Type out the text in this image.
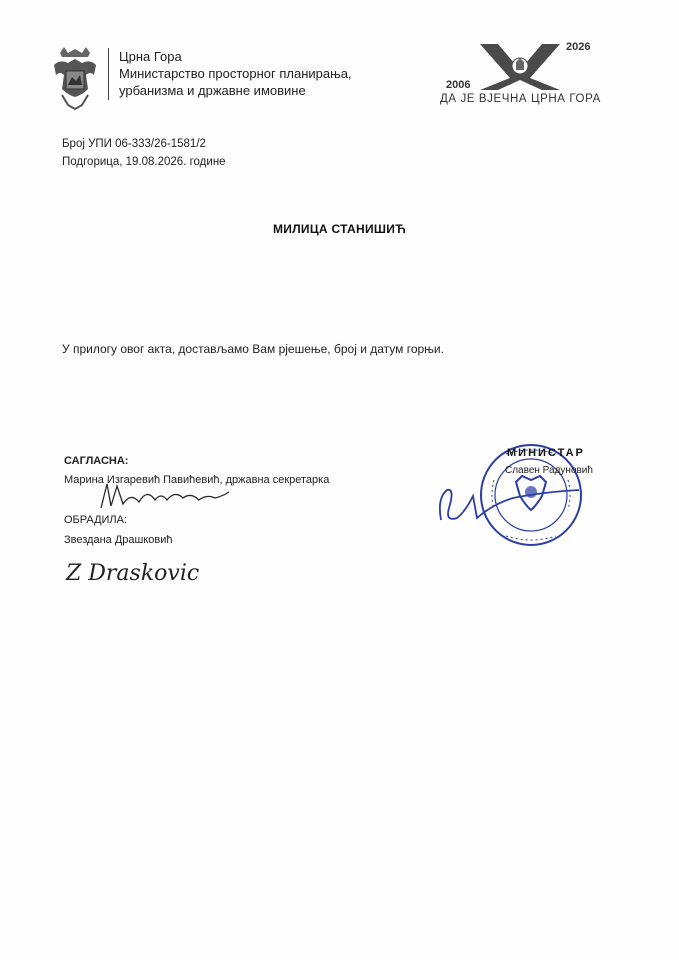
Црна Гора
Министарство просторног планирања,
урбанизма и државне имовине	2006
2026
ДА ЈЕ ВЈЕЧНА ЦРНА ГОРА
Број УПИ 06-333/26-1581/2
Подгорица, 19.08.2026. године
МИЛИЦА СТАНИШИЋ
У прилогу овог акта, достављамо Вам рјешење, број и датум горњи.
САГЛАСНА:
Марина Изгаревић Павићевић, државна секретарка
ОБРАДИЛА:
Звездана Драшковић
Z Draskovic
МИНИСТАР
Славен Радуновић
